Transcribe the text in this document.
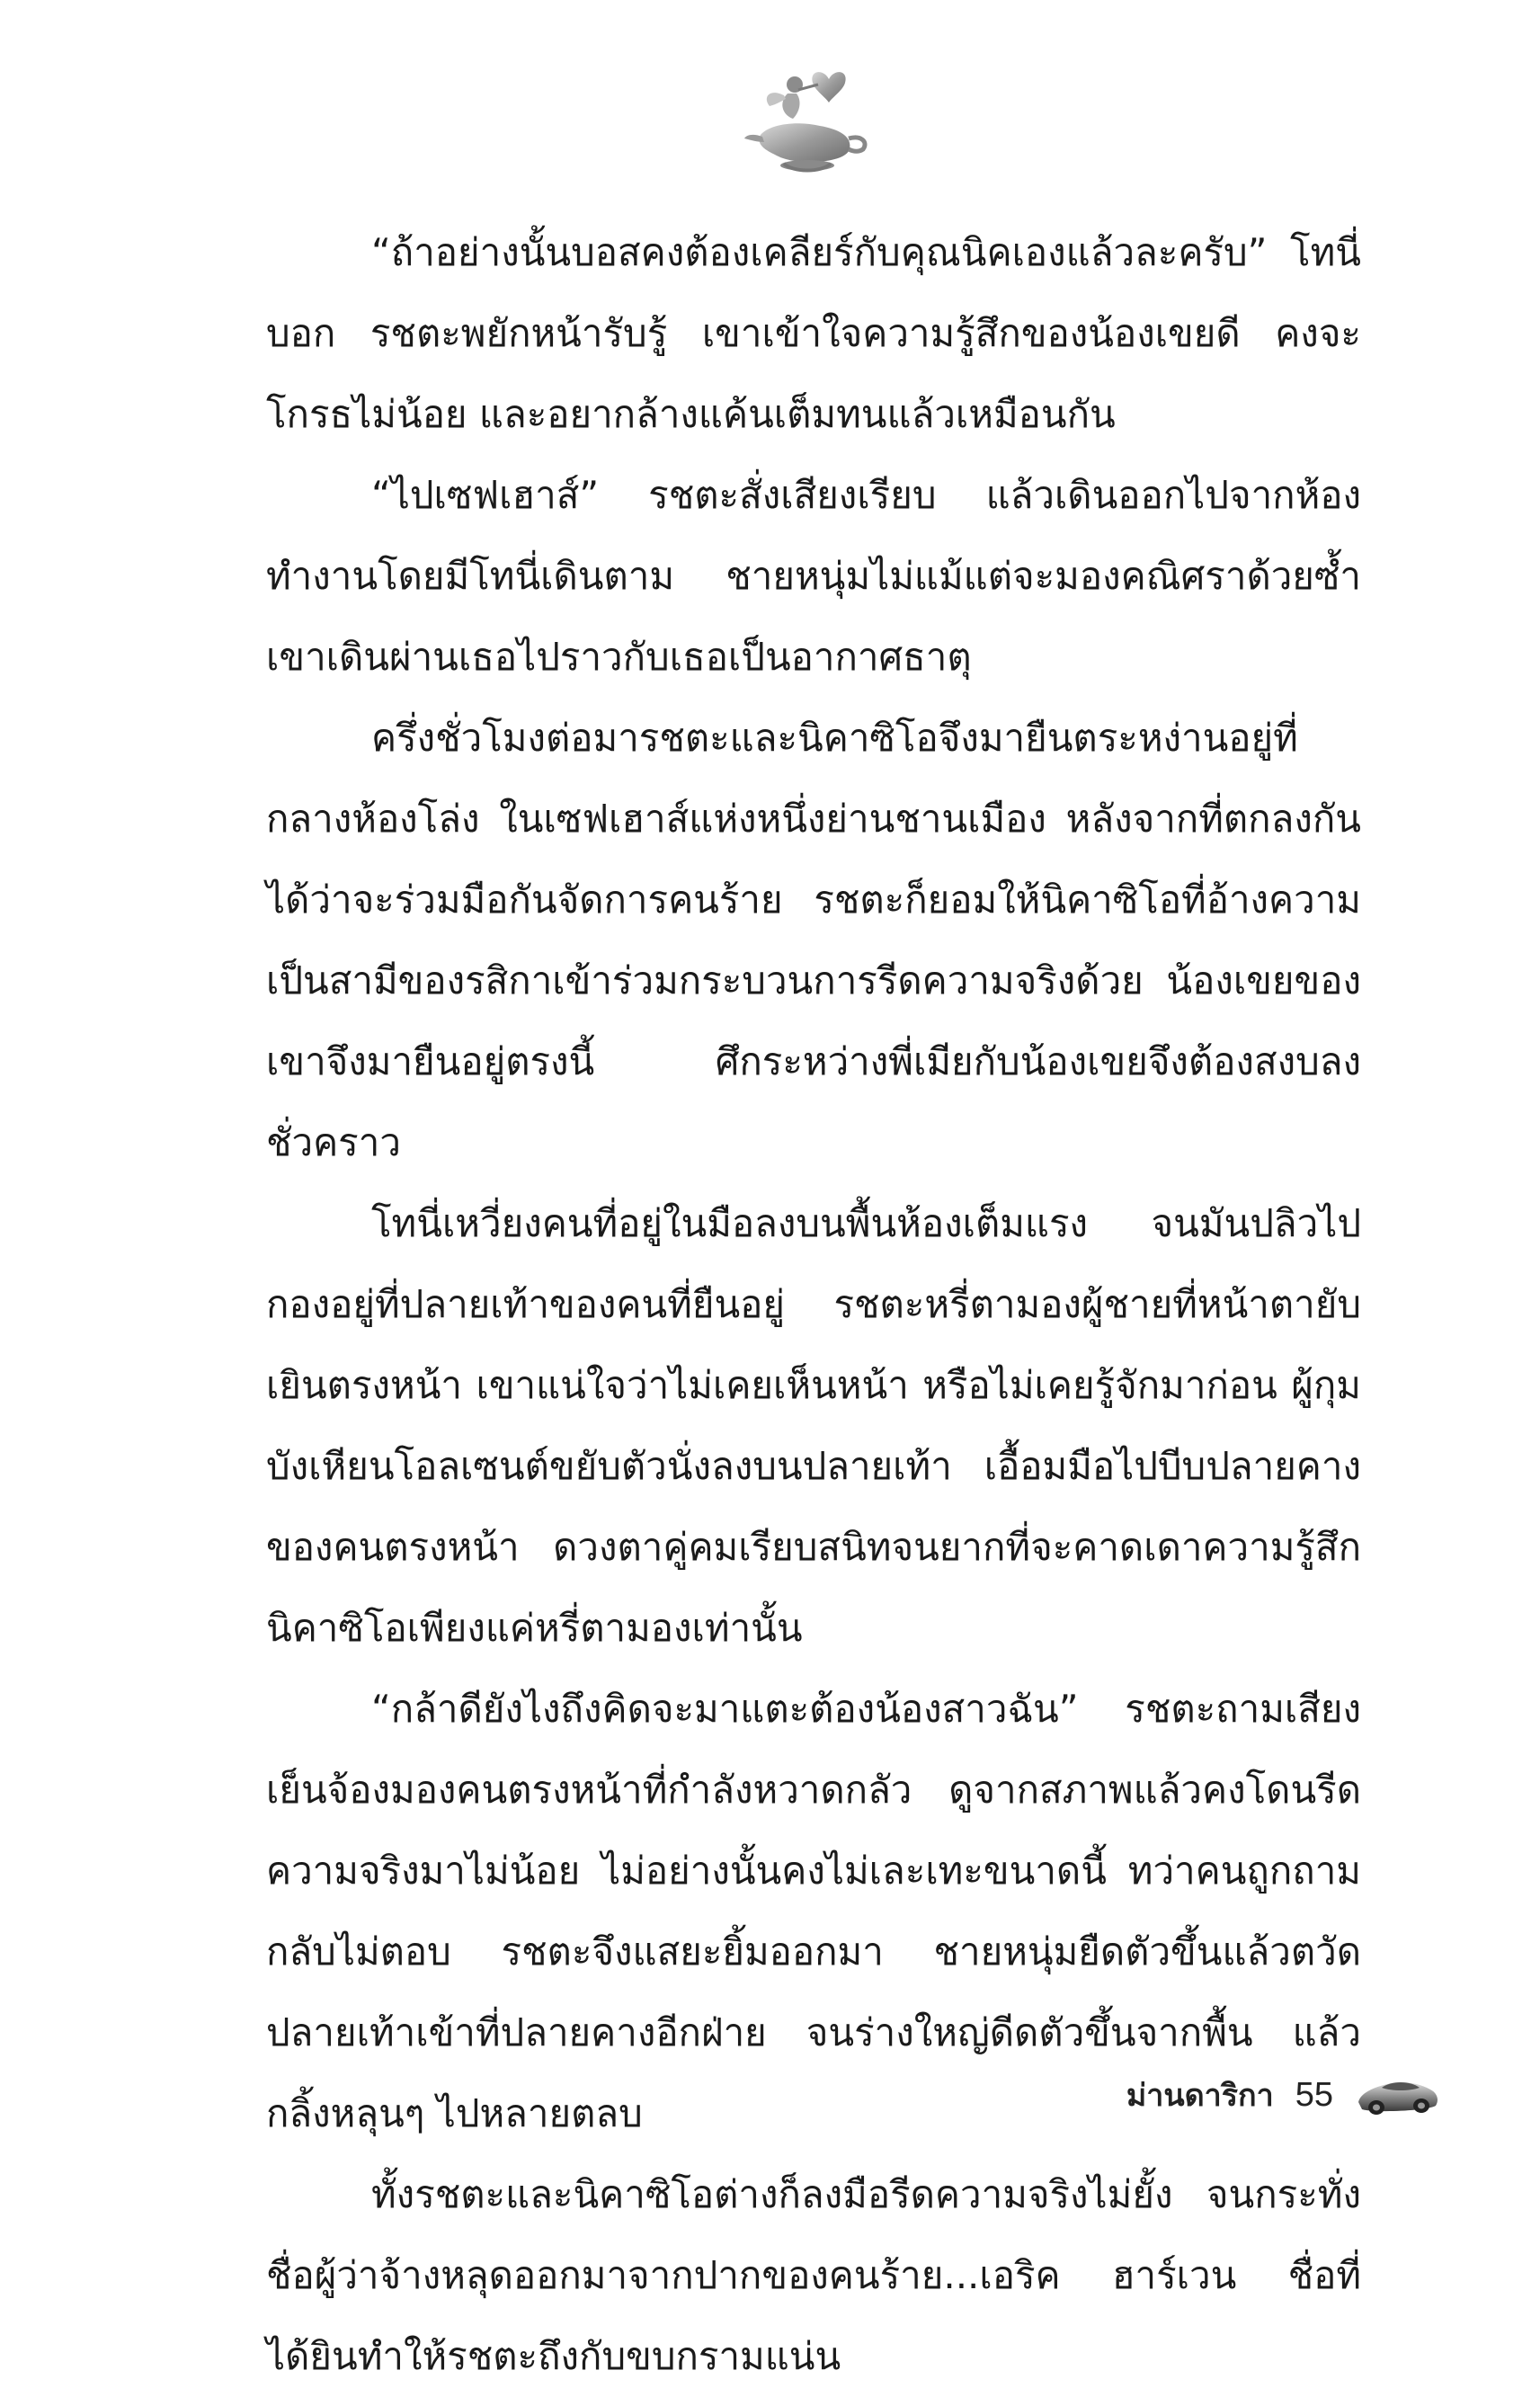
“ถ้าอย่างนั้นบอสคงต้องเคลียร์กับคุณนิคเองแล้วละครับ” โทนี่บอก รชตะพยักหน้ารับรู้ เขาเข้าใจความรู้สึกของน้องเขยดี คงจะโกรธไม่น้อย และอยากล้างแค้นเต็มทนแล้วเหมือนกัน

“ไปเซฟเฮาส์” รชตะสั่งเสียงเรียบ แล้วเดินออกไปจากห้องทำงานโดยมีโทนี่เดินตาม ชายหนุ่มไม่แม้แต่จะมองคณิศราด้วยซ้ำ เขาเดินผ่านเธอไปราวกับเธอเป็นอากาศธาตุ

ครึ่งชั่วโมงต่อมารชตะและนิคาซิโอจึงมายืนตระหง่านอยู่ที่กลางห้องโล่ง ในเซฟเฮาส์แห่งหนึ่งย่านชานเมือง หลังจากที่ตกลงกันได้ว่าจะร่วมมือกันจัดการคนร้าย รชตะก็ยอมให้นิคาซิโอที่อ้างความเป็นสามีของรสิกาเข้าร่วมกระบวนการรีดความจริงด้วย น้องเขยของเขาจึงมายืนอยู่ตรงนี้ ศึกระหว่างพี่เมียกับน้องเขยจึงต้องสงบลงชั่วคราว

โทนี่เหวี่ยงคนที่อยู่ในมือลงบนพื้นห้องเต็มแรง จนมันปลิวไปกองอยู่ที่ปลายเท้าของคนที่ยืนอยู่ รชตะหรี่ตามองผู้ชายที่หน้าตายับเยินตรงหน้า เขาแน่ใจว่าไม่เคยเห็นหน้า หรือไม่เคยรู้จักมาก่อน ผู้กุมบังเหียนโอลเซนต์ขยับตัวนั่งลงบนปลายเท้า เอื้อมมือไปบีบปลายคางของคนตรงหน้า ดวงตาคู่คมเรียบสนิทจนยากที่จะคาดเดาความรู้สึก นิคาซิโอเพียงแค่หรี่ตามองเท่านั้น

“กล้าดียังไงถึงคิดจะมาแตะต้องน้องสาวฉัน” รชตะถามเสียงเย็นจ้องมองคนตรงหน้าที่กำลังหวาดกลัว ดูจากสภาพแล้วคงโดนรีดความจริงมาไม่น้อย ไม่อย่างนั้นคงไม่เละเทะขนาดนี้ ทว่าคนถูกถามกลับไม่ตอบ รชตะจึงแสยะยิ้มออกมา ชายหนุ่มยืดตัวขึ้นแล้วตวัดปลายเท้าเข้าที่ปลายคางอีกฝ่าย จนร่างใหญ่ดีดตัวขึ้นจากพื้น แล้วกลิ้งหลุนๆ ไปหลายตลบ

ทั้งรชตะและนิคาซิโอต่างก็ลงมือรีดความจริงไม่ยั้ง จนกระทั่งชื่อผู้ว่าจ้างหลุดออกมาจากปากของคนร้าย...เอริค ฮาร์เวน ชื่อที่ได้ยินทำให้รชตะถึงกับขบกรามแน่น

ม่านดาริกา 55
